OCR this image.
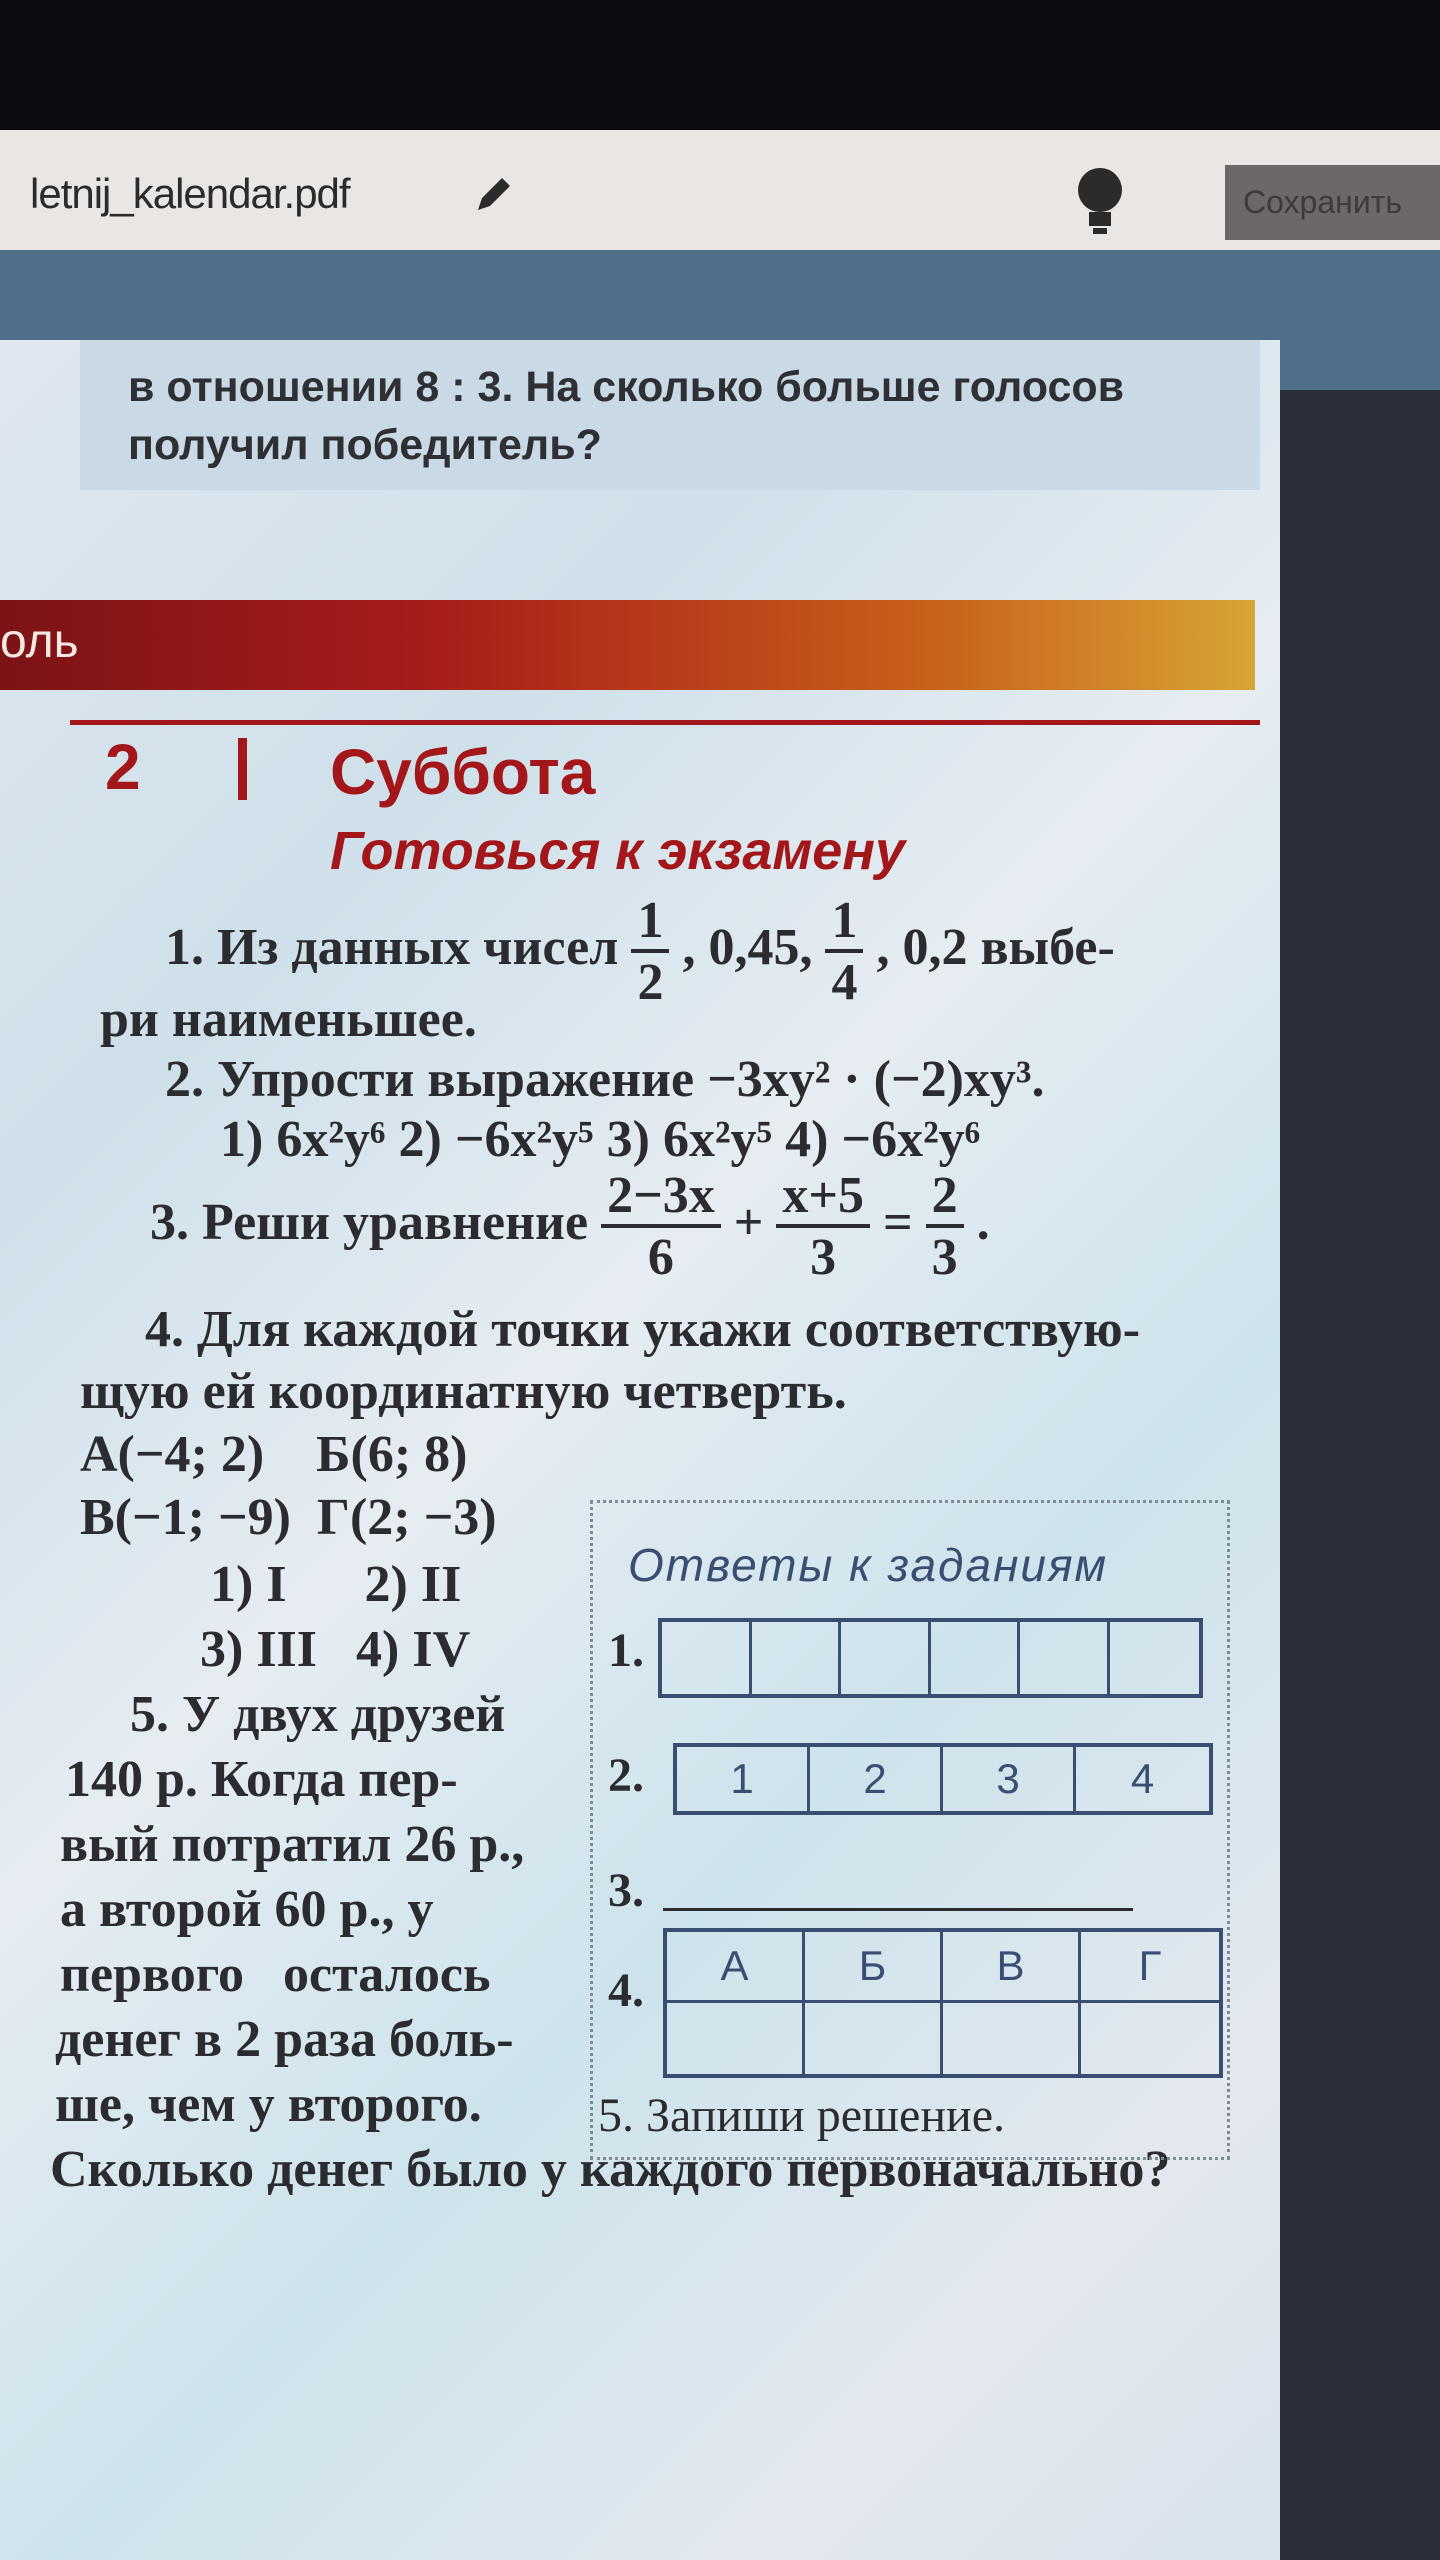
letnij_kalendar.pdf	Сохранить
в отношении 8 : 3. На сколько больше голосов получил победитель?
оль
2	Суббота
Готовься к экзамену
1. Из данных чисел $\frac{1}{2}$ , 0,45, $\frac{1}{4}$ , 0,2 выбе-
ри наименьшее.
2. Упрости выражение −3xy² · (−2)xy³.
1) 6x²y⁶ 2) −6x²y⁵ 3) 6x²y⁵ 4) −6x²y⁶
3. Реши уравнение $\frac{2-3x}{6} + \frac{x+5}{3} = \frac{2}{3}$ .
4. Для каждой точки укажи соответствую-
щую ей координатную четверть.
А(−4; 2)    Б(6; 8)
В(−1; −9)  Г(2; −3)
1) I      2) II
3) III   4) IV
5. У двух друзей
140 р. Когда пер-
вый потратил 26 р.,
а второй 60 р., у
первого   осталось
денег в 2 раза боль-
ше, чем у второго.
Сколько денег было у каждого первоначально?
Ответы к заданиям
1.
2.	1	2	3	4
3.
4.	А	Б	В	Г
5. Запиши решение.
